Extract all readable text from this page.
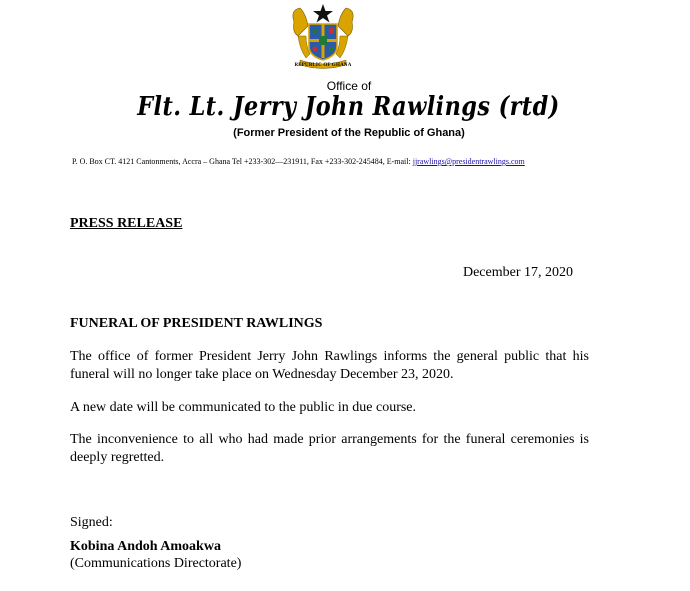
REPUBLIC OF GHANA
Office of
Flt. Lt. Jerry John Rawlings (rtd)
(Former President of the Republic of Ghana)
P. O. Box CT. 4121 Cantonments, Accra – Ghana Tel +233-302—231911, Fax +233-302-245484, E-mail: jjrawlings@presidentrawlings.com
PRESS RELEASE
December 17, 2020
FUNERAL OF PRESIDENT RAWLINGS
The office of former President Jerry John Rawlings informs the general public that his funeral will no longer take place on Wednesday December 23, 2020.
A new date will be communicated to the public in due course.
The inconvenience to all who had made prior arrangements for the funeral ceremonies is deeply regretted.
Signed:
Kobina Andoh Amoakwa
(Communications Directorate)
